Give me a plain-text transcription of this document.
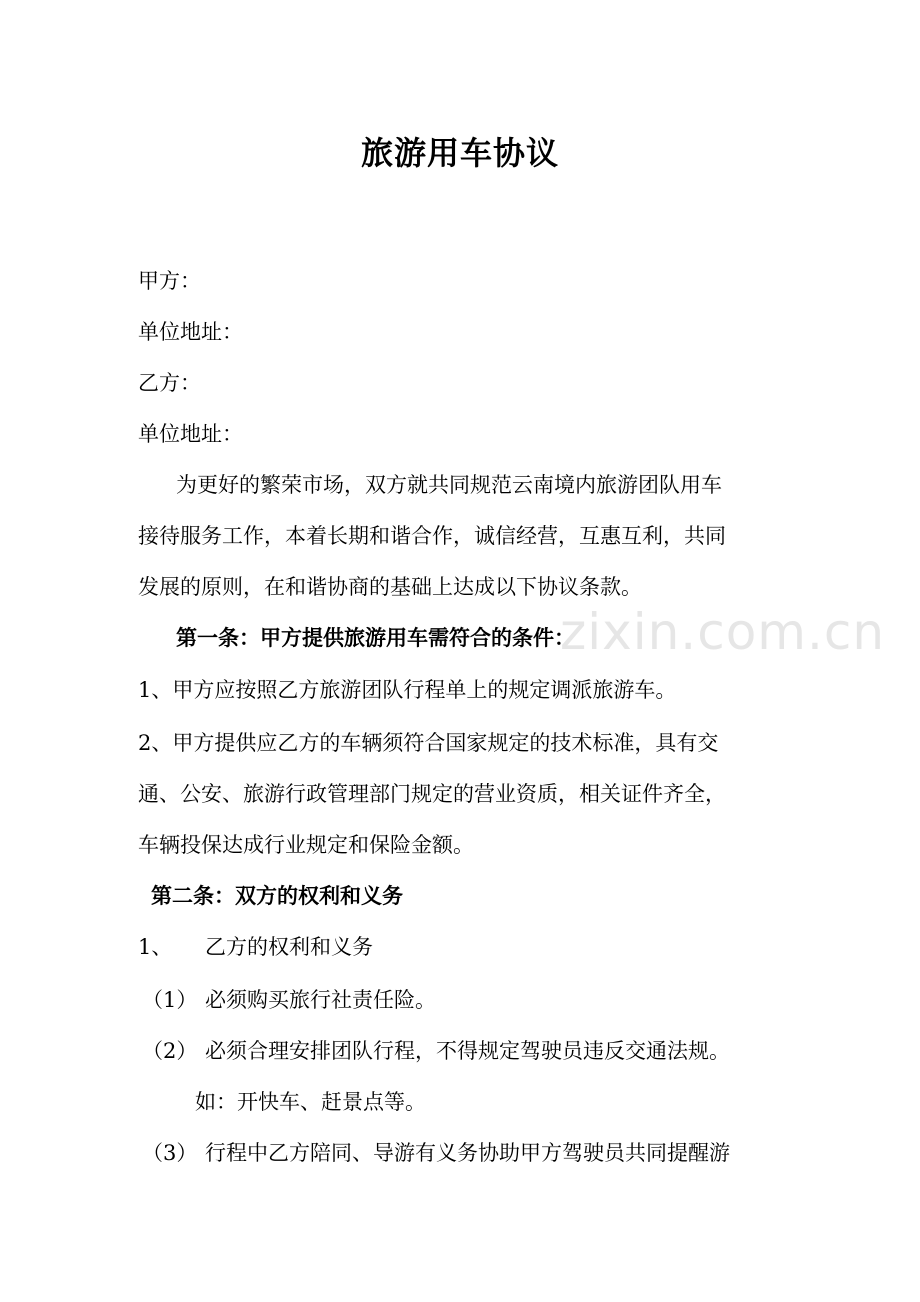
zixin.com.cn
旅游用车协议
甲方：
单位地址：
乙方：
单位地址：
为更好的繁荣市场，双方就共同规范云南境内旅游团队用车
接待服务工作，本着长期和谐合作，诚信经营，互惠互利，共同
发展的原则，在和谐协商的基础上达成以下协议条款。
第一条：甲方提供旅游用车需符合的条件：
1、甲方应按照乙方旅游团队行程单上的规定调派旅游车。
2、甲方提供应乙方的车辆须符合国家规定的技术标准，具有交
通、公安、旅游行政管理部门规定的营业资质，相关证件齐全，
车辆投保达成行业规定和保险金额。
第二条：双方的权利和义务
1、 乙方的权利和义务
（1） 必须购买旅行社责任险。
（2） 必须合理安排团队行程，不得规定驾驶员违反交通法规。
如：开快车、赶景点等。
（3） 行程中乙方陪同、导游有义务协助甲方驾驶员共同提醒游
